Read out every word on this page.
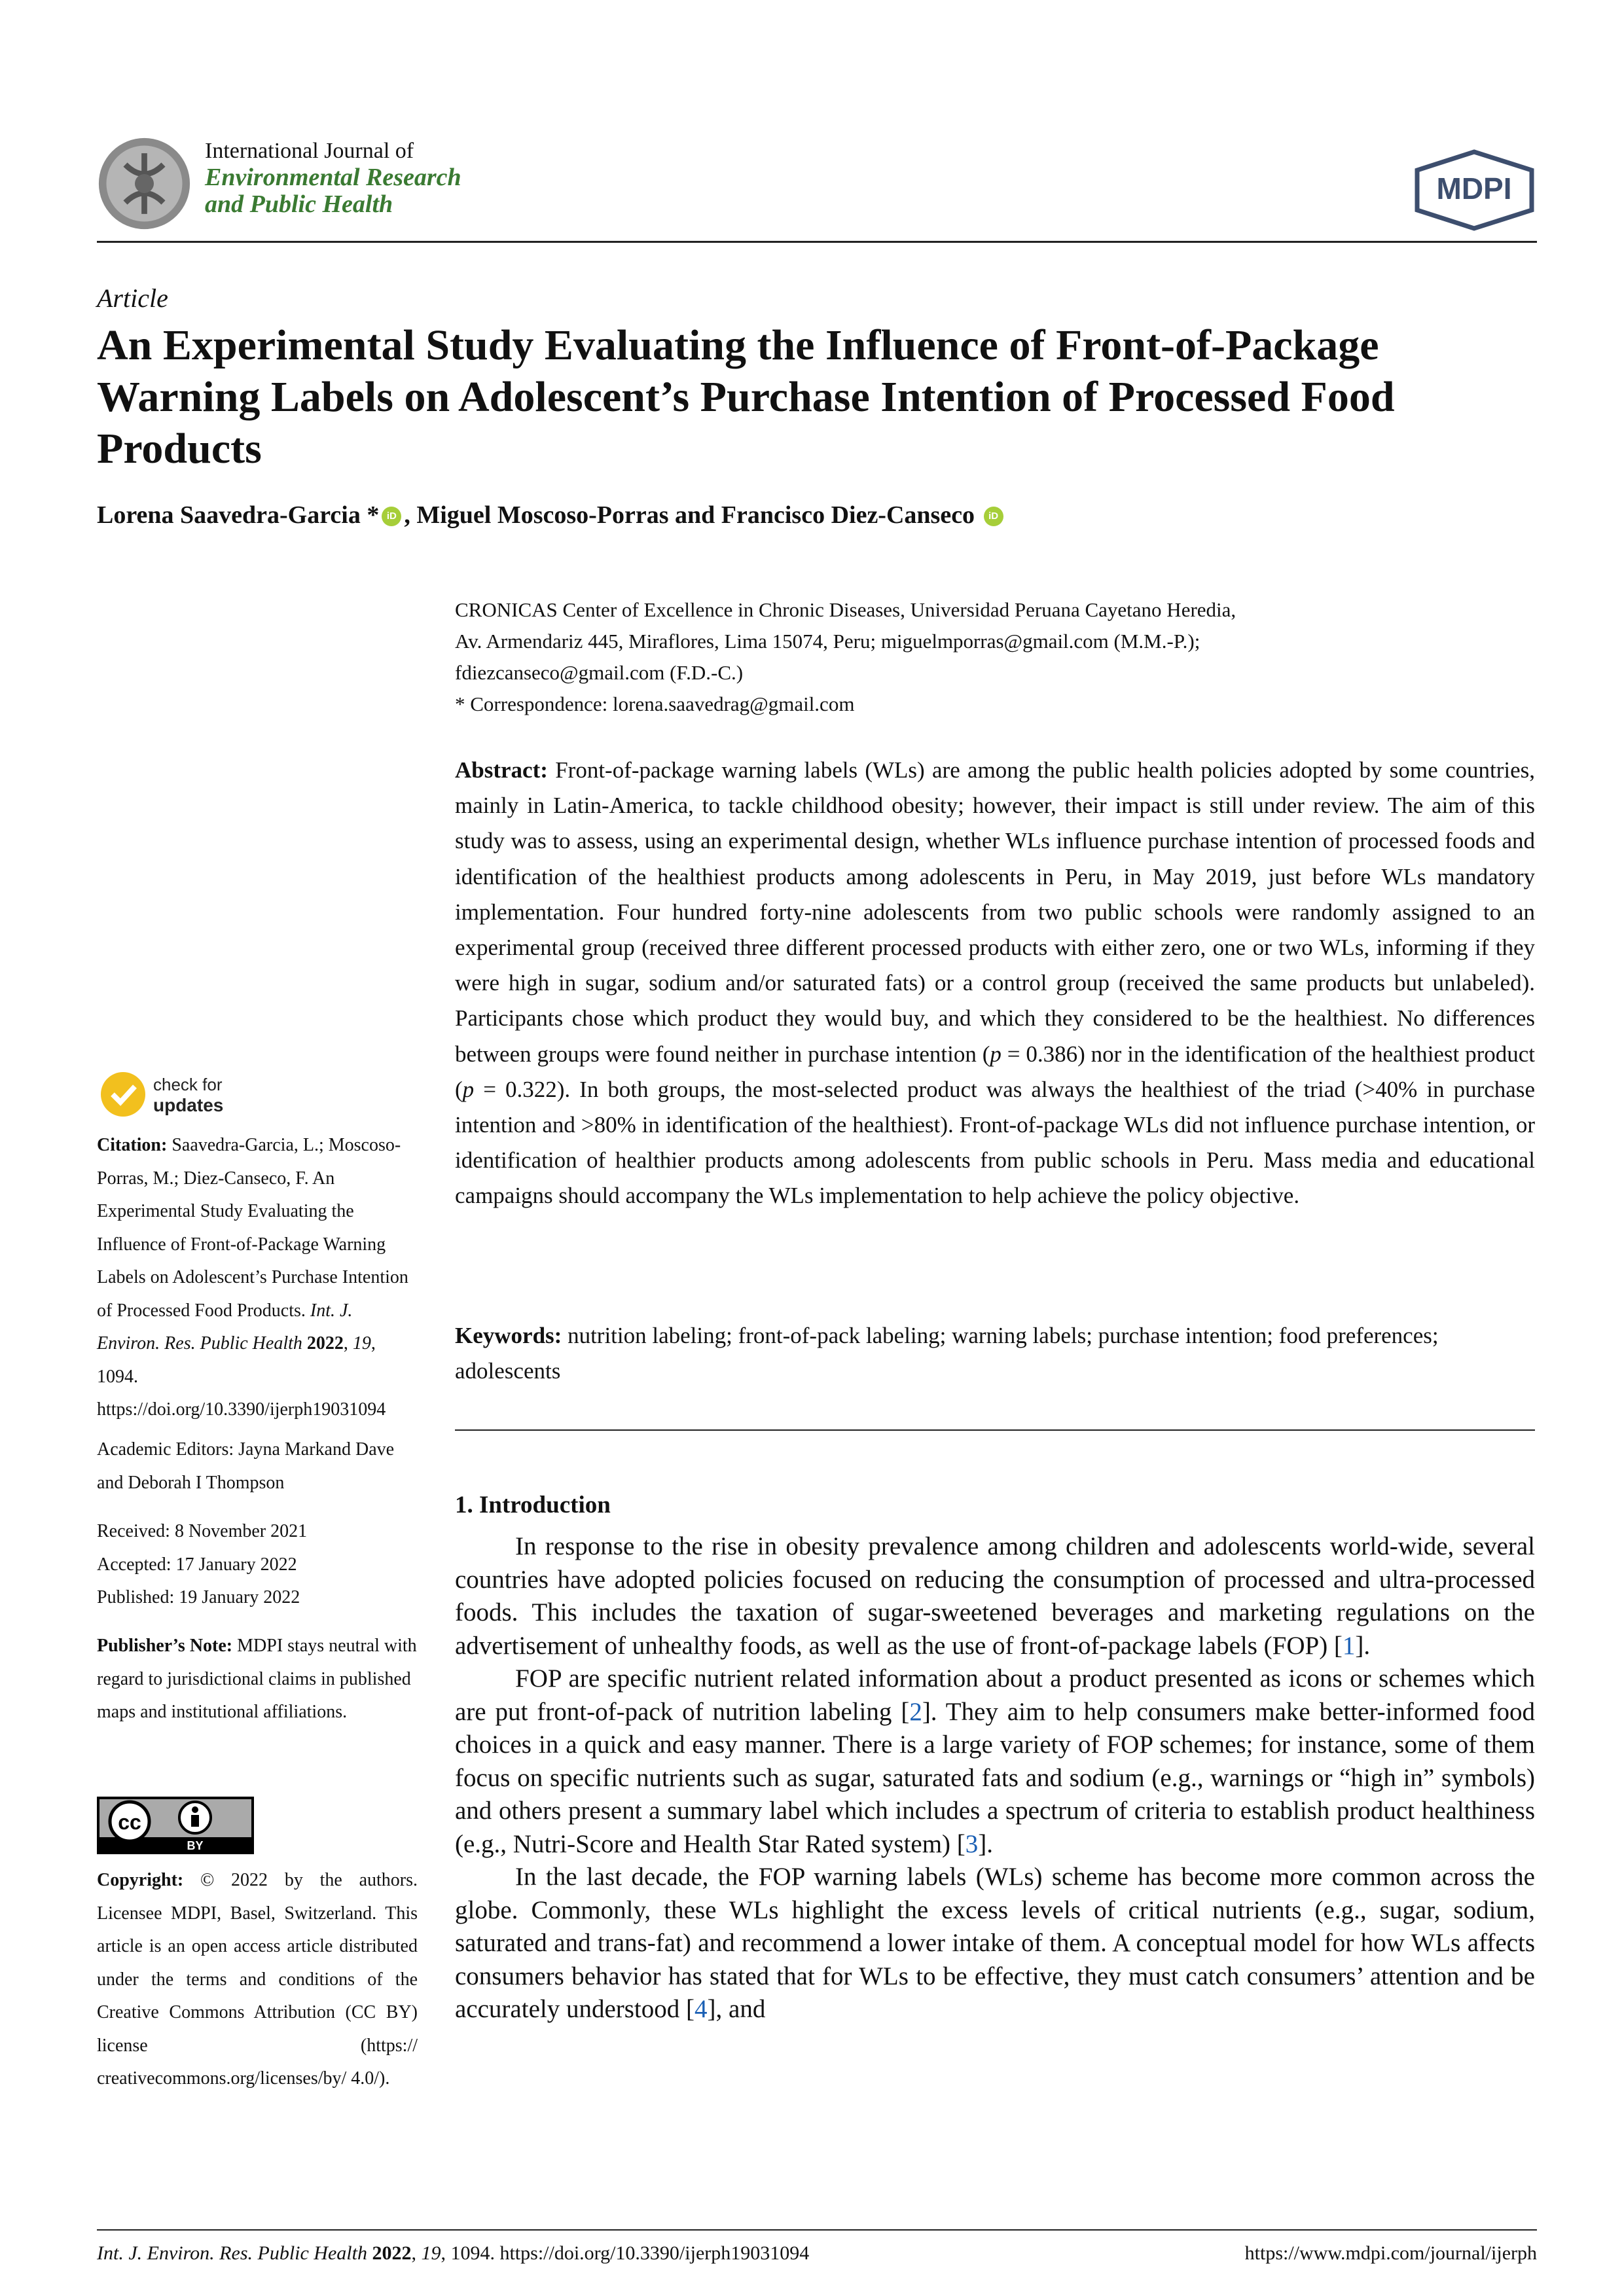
International Journal of
Environmental Research
and Public Health	MDPI
Article
An Experimental Study Evaluating the Influence of Front-of-Package Warning Labels on Adolescent’s Purchase Intention of Processed Food Products
Lorena Saavedra-Garcia * iD , Miguel Moscoso-Porras and Francisco Diez-Canseco iD
CRONICAS Center of Excellence in Chronic Diseases, Universidad Peruana Cayetano Heredia,
Av. Armendariz 445, Miraflores, Lima 15074, Peru; miguelmporras@gmail.com (M.M.-P.);
fdiezcanseco@gmail.com (F.D.-C.)
* Correspondence: lorena.saavedrag@gmail.com
Abstract: Front-of-package warning labels (WLs) are among the public health policies adopted by some countries, mainly in Latin-America, to tackle childhood obesity; however, their impact is still under review. The aim of this study was to assess, using an experimental design, whether WLs influence purchase intention of processed foods and identification of the healthiest products among adolescents in Peru, in May 2019, just before WLs mandatory implementation. Four hundred forty-nine adolescents from two public schools were randomly assigned to an experimental group (received three different processed products with either zero, one or two WLs, informing if they were high in sugar, sodium and/or saturated fats) or a control group (received the same products but unlabeled). Participants chose which product they would buy, and which they considered to be the healthiest. No differences between groups were found neither in purchase intention (p = 0.386) nor in the identification of the healthiest product (p = 0.322). In both groups, the most-selected product was always the healthiest of the triad (>40% in purchase intention and >80% in identification of the healthiest). Front-of-package WLs did not influence purchase intention, or identification of healthier products among adolescents from public schools in Peru. Mass media and educational campaigns should accompany the WLs implementation to help achieve the policy objective.
Keywords: nutrition labeling; front-of-pack labeling; warning labels; purchase intention; food preferences; adolescents
1. Introduction

In response to the rise in obesity prevalence among children and adolescents world-wide, several countries have adopted policies focused on reducing the consumption of processed and ultra-processed foods. This includes the taxation of sugar-sweetened beverages and marketing regulations on the advertisement of unhealthy foods, as well as the use of front-of-package labels (FOP) [1].

FOP are specific nutrient related information about a product presented as icons or schemes which are put front-of-pack of nutrition labeling [2]. They aim to help consumers make better-informed food choices in a quick and easy manner. There is a large variety of FOP schemes; for instance, some of them focus on specific nutrients such as sugar, saturated fats and sodium (e.g., warnings or “high in” symbols) and others present a summary label which includes a spectrum of criteria to establish product healthiness (e.g., Nutri-Score and Health Star Rated system) [3].

In the last decade, the FOP warning labels (WLs) scheme has become more common across the globe. Commonly, these WLs highlight the excess levels of critical nutrients (e.g., sugar, sodium, saturated and trans-fat) and recommend a lower intake of them. A conceptual model for how WLs affects consumers behavior has stated that for WLs to be effective, they must catch consumers’ attention and be accurately understood [4], and

check for
updates
Citation: Saavedra-Garcia, L.; Moscoso-Porras, M.; Diez-Canseco, F. An Experimental Study Evaluating the Influence of Front-of-Package Warning Labels on Adolescent’s Purchase Intention of Processed Food Products. Int. J. Environ. Res. Public Health 2022, 19, 1094. https://doi.org/10.3390/ijerph19031094
Academic Editors: Jayna Markand Dave and Deborah I Thompson
Received: 8 November 2021
Accepted: 17 January 2022
Published: 19 January 2022
Publisher’s Note: MDPI stays neutral with regard to jurisdictional claims in published maps and institutional affiliations.
cc
BY
Copyright: © 2022 by the authors. Licensee MDPI, Basel, Switzerland. This article is an open access article distributed under the terms and conditions of the Creative Commons Attribution (CC BY) license (https:// creativecommons.org/licenses/by/ 4.0/).
Int. J. Environ. Res. Public Health 2022, 19, 1094. https://doi.org/10.3390/ijerph19031094	https://www.mdpi.com/journal/ijerph
